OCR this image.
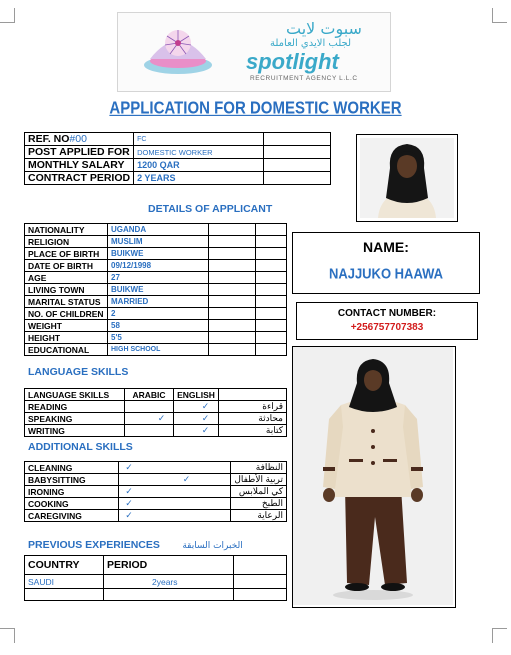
سبوت لايت
لجلب الايدي العاملة
spotlight
RECRUITMENT AGENCY L.L.C
APPLICATION FOR DOMESTIC WORKER
REF. NO#00	FC	
POST APPLIED FOR	DOMESTIC WORKER	
MONTHLY SALARY	1200 QAR	
CONTRACT PERIOD	2 YEARS	
DETAILS OF APPLICANT
NATIONALITY	UGANDA		
RELIGION	MUSLIM		
PLACE OF BIRTH	BUIKWE		
DATE OF BIRTH	09/12/1998		
AGE	27		
LIVING TOWN	BUIKWE		
MARITAL STATUS	MARRIED		
NO. OF CHILDREN	2		
WEIGHT	58		
HEIGHT	5'5		
EDUCATIONAL	HIGH SCHOOL		
LANGUAGE SKILLS
LANGUAGE SKILLS	ARABIC	ENGLISH	
READING		✓	قراءة
SPEAKING	✓	✓	محادثة
WRITING		✓	كتابة
ADDITIONAL SKILLS
CLEANING	✓	النظافة
BABYSITTING	✓	تربية الأطفال
IRONING	✓	كي الملابس
COOKING	✓	الطبخ
CAREGIVING	✓	الرعاية
PREVIOUS EXPERIENCES الخبرات السابقة
COUNTRY	PERIOD	
SAUDI	2years	

NAME:
NAJJUKO HAAWA
CONTACT NUMBER:
+256757707383
